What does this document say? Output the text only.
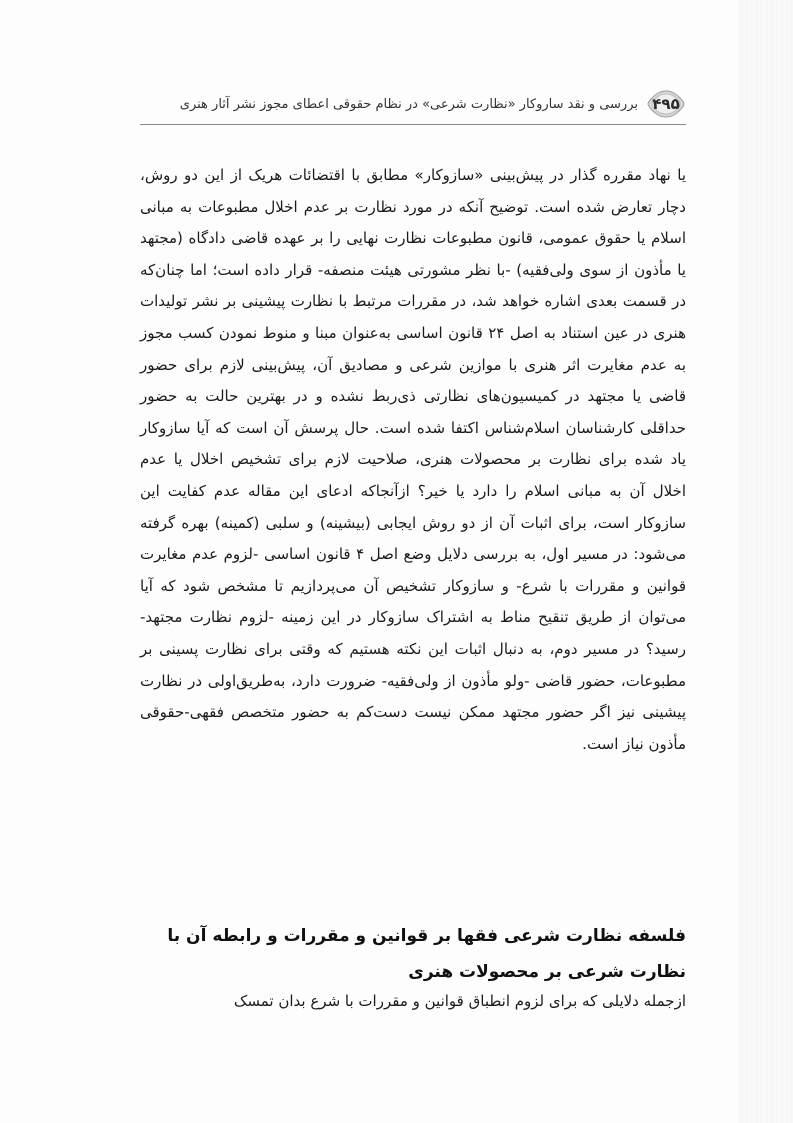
۴۹۵
بررسی و نقد ساروکار «نظارت شرعی» در نظام حقوقی اعطای مجوز نشر آثار هنری

یا نهاد مقرره گذار در پیش‌بینی «سازوکار» مطابق با اقتضائات هریک از این دو روش، دچار تعارض شده است. توضیح آنکه در مورد نظارت بر عدم اخلال مطبوعات به مبانی اسلام یا حقوق عمومی، قانون مطبوعات نظارت نهایی را بر عهده قاضی دادگاه (مجتهد یا مأذون از سوی ولی‌فقیه) -با نظر مشورتی هیئت منصفه- قرار داده است؛ اما چنان‌که در قسمت بعدی اشاره خواهد شد، در مقررات مرتبط با نظارت پیشینی بر نشر تولیدات هنری در عین استناد به اصل ۲۴ قانون اساسی به‌عنوان مبنا و منوط نمودن کسب مجوز به عدم مغایرت اثر هنری با موازین شرعی و مصادیق آن، پیش‌بینی لازم برای حضور قاضی یا مجتهد در کمیسیون‌های نظارتی ذی‌ربط نشده و در بهترین حالت به حضور حداقلی کارشناسان اسلام‌شناس اکتفا شده است. حال پرسش آن است که آیا سازوکار یاد شده برای نظارت بر محصولات هنری، صلاحیت لازم برای تشخیص اخلال یا عدم اخلال آن به مبانی اسلام را دارد یا خیر؟ ازآنجاکه ادعای این مقاله عدم کفایت این سازوکار است، برای اثبات آن از دو روش ایجابی (بیشینه) و سلبی (کمینه) بهره گرفته می‌شود: در مسیر اول، به بررسی دلایل وضع اصل ۴ قانون اساسی -لزوم عدم مغایرت قوانین و مقررات با شرع- و سازوکار تشخیص آن می‌پردازیم تا مشخص شود که آیا می‌توان از طریق تنقیح مناط به اشتراک سازوکار در این زمینه -لزوم نظارت مجتهد- رسید؟ در مسیر دوم، به دنبال اثبات این نکته هستیم که وقتی برای نظارت پسینی بر مطبوعات، حضور قاضی -ولو مأذون از ولی‌فقیه- ضرورت دارد، به‌طریق‌اولی در نظارت پیشینی نیز اگر حضور مجتهد ممکن نیست دست‌کم به حضور متخصص فقهی-حقوقی مأذون نیاز است.

فلسفه نظارت شرعی فقها بر قوانین و مقررات و رابطه آن با نظارت شرعی بر محصولات هنری

ازجمله دلایلی که برای لزوم انطباق قوانین و مقررات با شرع بدان تمسک
